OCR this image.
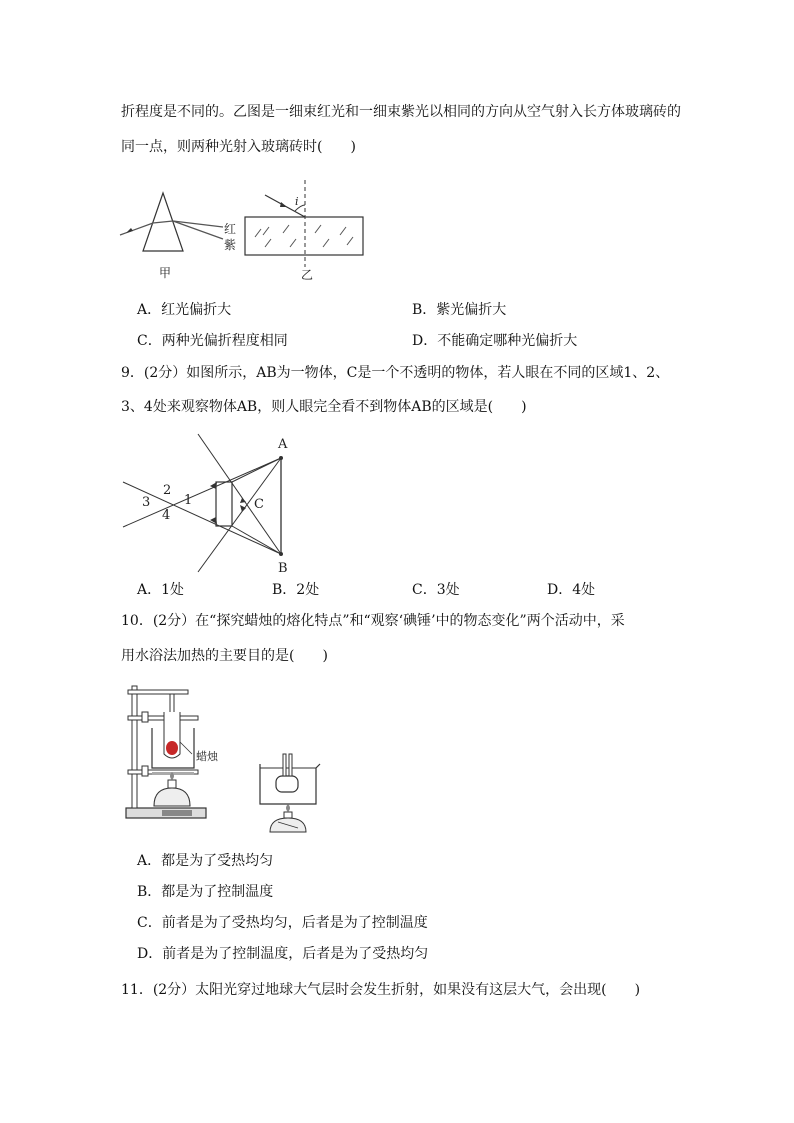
折程度是不同的。乙图是一细束红光和一细束紫光以相同的方向从空气射入长方体玻璃砖的
同一点，则两种光射入玻璃砖时(　　)
红
紫
甲
i
乙
A．红光偏折大	B．紫光偏折大
C．两种光偏折程度相同	D．不能确定哪种光偏折大
9．(2分）如图所示，AB为一物体，C是一个不透明的物体，若人眼在不同的区域1、2、
3、4处来观察物体AB，则人眼完全看不到物体AB的区域是(　　)
A
B
C
2
1
3
4
A．1处	B．2处	C．3处	D．4处
10．(2分）在“探究蜡烛的熔化特点”和“观察‘碘锤’中的物态变化”两个活动中，采
用水浴法加热的主要目的是(　　)
蜡烛
A．都是为了受热均匀
B．都是为了控制温度
C．前者是为了受热均匀，后者是为了控制温度
D．前者是为了控制温度，后者是为了受热均匀
11．(2分）太阳光穿过地球大气层时会发生折射，如果没有这层大气，会出现(　　)
